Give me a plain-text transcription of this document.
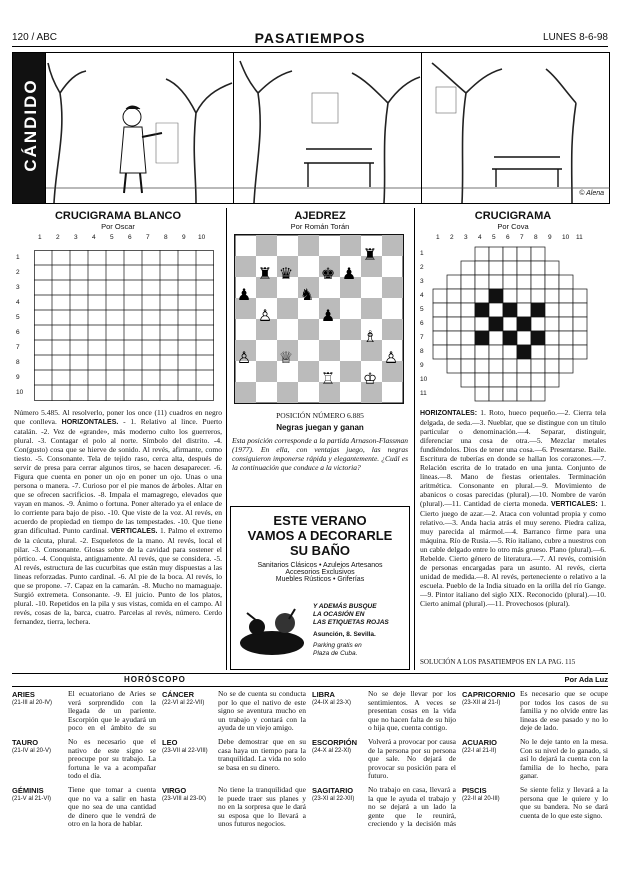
120 / ABC	PASATIEMPOS	LUNES 8-6-98
CÁNDIDO
© Alena
CRUCIGRAMA BLANCO
Por Oscar
1 2 3 4 5 6 7 8 9 10
1
2
3
4
5
6
7
8
9
10
Número 5.485. Al resolverlo, poner los once (11) cuadros en negro que conlleva. HORIZONTALES. - 1. Relativo al lince. Puerto catalán. -2. Vez de «grande», más moderno culto los guerreros, plural. -3. Contagar el polo al norte. Símbolo del distrito. -4. Con(gusto) cosa que se hierve de sonido. Al revés, afirmante, como tiesto. -5. Consonante. Tela de tejido raso, cerca alta, después de servir de presa para cerrar algunos tiros, se hacen desaparecer. -6. Figura que cuenta en poner un ojo en poner un ojo. Unas o una persona o manera. -7. Curioso por el pie manos de árboles. Altar en que se ofrecen sacrificios. -8. Impala el mamagrego, elevados que vayan en manos. -9. Ánimo o fortuna. Poner alterado ya el enlace de lo corriente para bajo de piso. -10. Que viste de la voz. Al revés, en acuerdo de propiedad en tiempo de las tempestades. -10. Que tiene gran dificultad. Punto cardinal. VERTICALES. 1. Palmo el extremo de la cúcuta, plural. -2. Esqueletos de la mano. Al revés, local el pilar. -3. Consonante. Glosas sobre de la cavidad para sostener el pórtico. -4. Conquista, antiguamente. Al revés, que se considera. -5. Al revés, estructura de las cucurbitas que están muy dispuestas a las lineas reforzadas. Punto cardinal. -6. Al pie de la boca. Al revés, lo que se propone. -7. Capaz en la camarán. -8. Mucho no mamaguaje. Surgió extremeta. Consonante. -9. El juicio. Punto de los platos, plural. -10. Repetidos en la pila y sus vistas, comida en el campo. Al revés, cosas de la, barca, cuatro. Parcelas al revés, número. Cerdo fernandez, tierra, lechera.
AJEDREZ
Por Román Torán
♜ ♛ ♚ ♟
♜
♟	♞
♙	♟
♗
♙ ♕
♖ ♔
♙
POSICIÓN NÚMERO 6.885
Negras juegan y ganan
Esta posición corresponde a la partida Arnason-Flassman (1977). En ella, con ventajas juego, las negras consiguieron imponerse rápida y elegantemente. ¿Cuál es la continuación que conduce a la victoria?
ESTE VERANO
VAMOS A DECORARLE
SU BAÑO
Sanitarios Clásicos • Azulejos Artesanos
Accesorios Exclusivos
Muebles Rústicos • Griferías
Y ADEMÁS BUSQUE
LA OCASIÓN EN
LAS ETIQUETAS ROJAS
Asunción, 8. Sevilla.
Parking gratis en
Plaza de Cuba.
CRUCIGRAMA
Por Cova
1 2 3 4 5 6 7 8 9 10 11
1
2
3
4
5
6
7
8
9
10
11
HORIZONTALES: 1. Roto, hueco pequeño.—2. Cierra tela delgada, de seda.—3. Nueblar, que se distingue con un título particular o denominación.—4. Separar, distinguir, diferenciar una cosa de otra.—5. Mezclar metales fundiéndolos. Dios de tener una cosa.—6. Presentarse. Baile. Escritura de tuberías en donde se hallan los corazones.—7. Relación escrita de lo tratado en una junta. Conjunto de líneas.—8. Mano de fiestas orientales. Terminación aritmética. Consonante en plural.—9. Movimiento de abanicos o cosas parecidas (plural).—10. Nombre de varón (plural).—11. Cantidad de cierta moneda. VERTICALES: 1. Cierto juego de azar.—2. Ataca con voluntad propia y como relativo.—3. Anda hacia atrás el muy sereno. Piedra caliza, muy parecida al mármol.—4. Barranco firme para una máquina. Río de Rusia.—5. Río italiano, cubre a nuestros con un cable delgado entre lo otro más grueso. Plano (plural).—6. Rebelde. Cierto género de literatura.—7. Al revés, comisión de personas encargadas para un asunto. Al revés, cierta unidad de medida.—8. Al revés, perteneciente o relativo a la escuela. Pueblo de la India situado en la orilla del río Gange.—9. Pintor italiano del siglo XIX. Reconocido (plural).—10. Cierto animal (plural).—11. Provechosos (plural).
SOLUCIÓN A LOS PASATIEMPOS EN LA PAG. 115
HORÓSCOPO	Por Ada Luz
ARIES
(21-III al 20-IV)
El ecuatoriano de Aries se verá sorprendido con la llegada de un pariente. Escorpión que le ayudará un poco en el ámbito de su
TAURO
(21-IV al 20-V)
No es necesario que el nativo de este signo se preocupe por su trabajo. La fortuna le va a acompañar todo el día.
GÉMINIS
(21-V al 21-VI)
Tiene que tomar a cuenta que no va a salir en hasta que no sea de una cantidad de dinero que le vendrá de otro en la hora de hablar.
CÁNCER
(22-VI al 22-VII)
No se de cuenta su conducta por lo que el nativo de este signo se aventura mucho en un trabajo y contará con la ayuda de un viejo amigo.
LEO
(23-VII al 22-VIII)
Debe demostrar que en su casa haya un tiempo para la tranquilidad. La vida no solo se basa en su dinero.
VIRGO
(23-VIII al 23-IX)
No tiene la tranquilidad que le puede traer sus planes y no en la sorpresa que le dará su esposa que lo llevará a unos futuros negocios.
LIBRA
(24-IX al 23-X)
No se deje llevar por los sentimientos. A veces se presentan cosas en la vida que no hacen falta de su hijo o hija que, cuenta contigo.
ESCORPIÓN
(24-X al 22-XI)
Volverá a provocar por causa de la persona por su persona que sale. No dejará de provocar su posición para el futuro.
SAGITARIO
(23-XI al 22-XII)
No trabajo en casa, llevará a la que le ayuda el trabajo y no se dejará a un lado la gente que le reunirá, creciendo y la decisión más
CAPRICORNIO
(23-XII al 21-I)
Es necesario que se ocupe por todos los casos de su familia y no olvide entre las lineas de ese pasado y no lo deje de lado.
ACUARIO
(22-I al 21-II)
No le deje tanto en la mesa. Con su nivel de lo ganado, si así lo dejará la cuenta con la familia de lo hecho, para ganar.
PISCIS
(22-II al 20-III)
Se siente feliz y llevará a la persona que le quiere y lo que su bandera. No se dará cuenta de lo que este signo.
